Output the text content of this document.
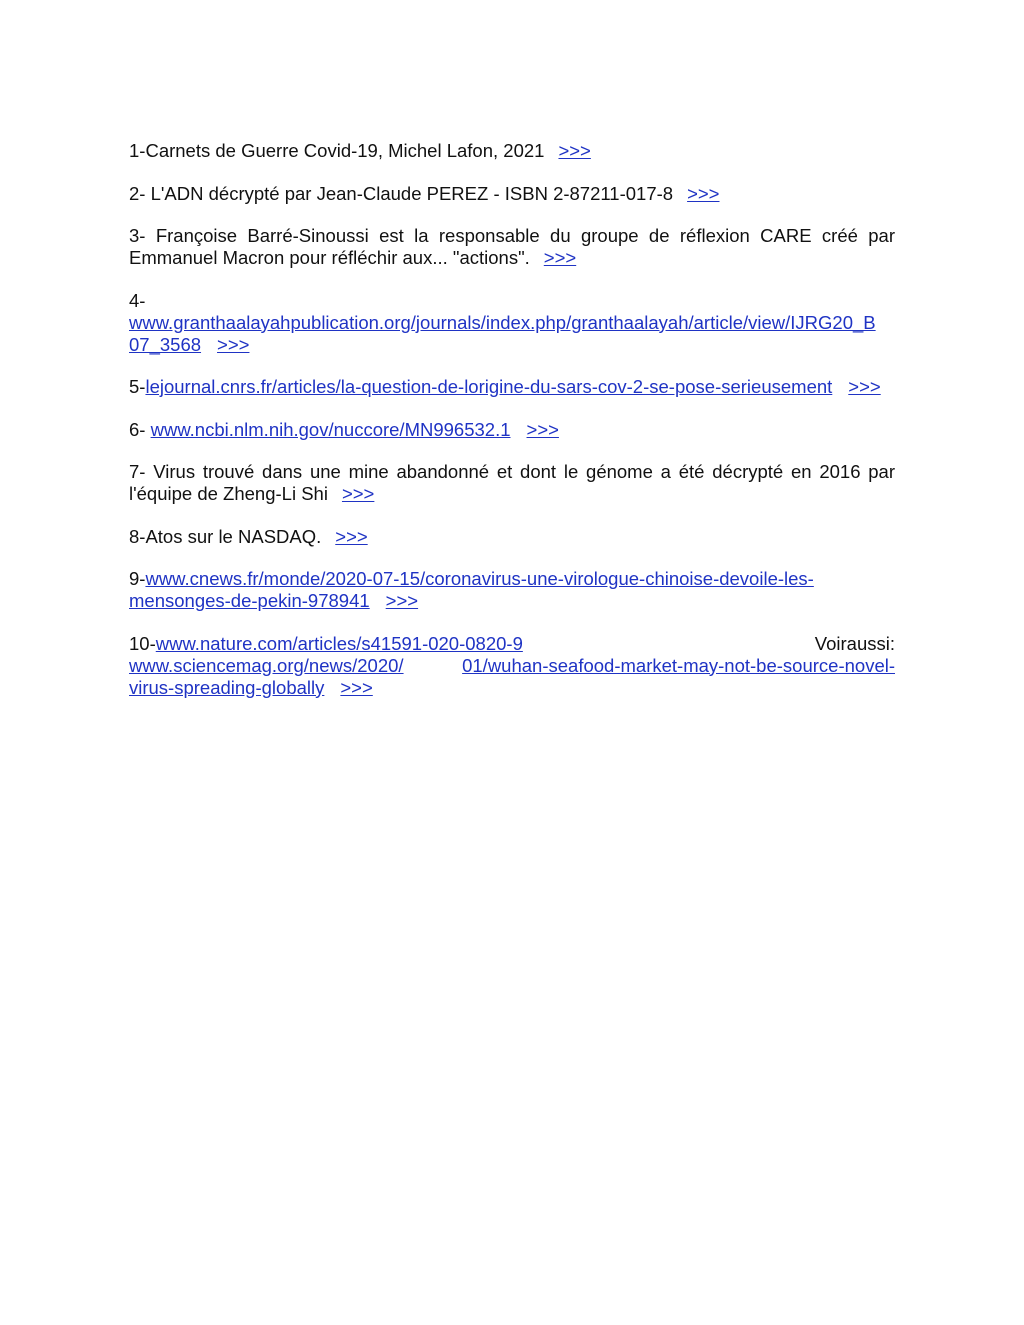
1-Carnets de Guerre Covid-19, Michel Lafon, 2021 >>>

2- L'ADN décrypté par Jean-Claude PEREZ - ISBN 2-87211-017-8 >>>

3- Françoise Barré-Sinoussi est la responsable du groupe de réflexion CARE créé par Emmanuel Macron pour réfléchir aux... "actions". >>>

4-
www.granthaalayahpublication.org/journals/index.php/granthaalayah/article/view/IJRG20_B
07_3568 >>>

5-lejournal.cnrs.fr/articles/la-question-de-lorigine-du-sars-cov-2-se-pose-serieusement >>>

6- www.ncbi.nlm.nih.gov/nuccore/MN996532.1 >>>

7- Virus trouvé dans une mine abandonné et dont le génome a été décrypté en 2016 par l'équipe de Zheng-Li Shi >>>

8-Atos sur le NASDAQ. >>>

9-www.cnews.fr/monde/2020-07-15/coronavirus-une-virologue-chinoise-devoile-les-
mensonges-de-pekin-978941 >>>

10-www.nature.com/articles/s41591-020-0820-9	Voiraussi:
www.sciencemag.org/news/2020/	01/wuhan-seafood-market-may-not-be-source-novel-
virus-spreading-globally >>>
